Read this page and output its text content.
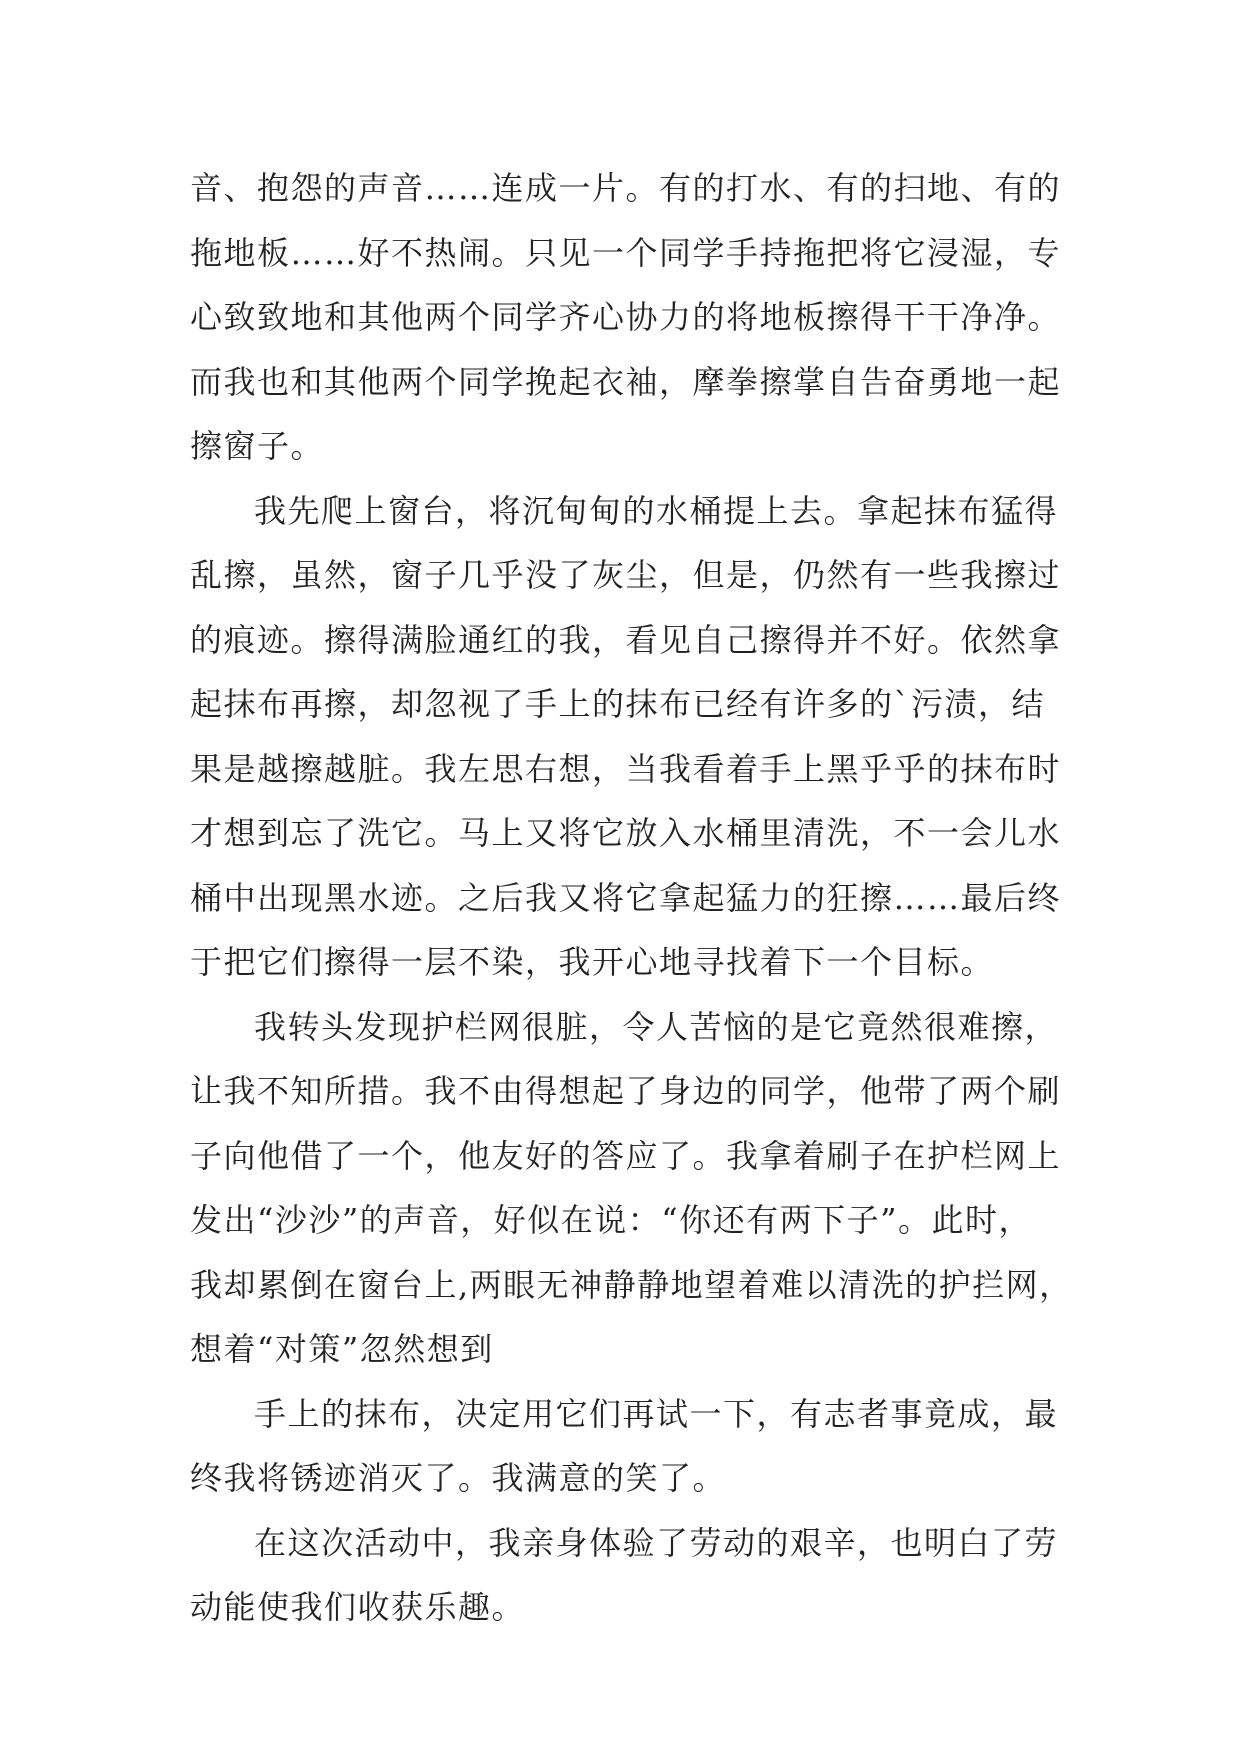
音、抱怨的声音……连成一片。有的打水、有的扫地、有的
拖地板……好不热闹。只见一个同学手持拖把将它浸湿，专
心致致地和其他两个同学齐心协力的将地板擦得干干净净。
而我也和其他两个同学挽起衣袖，摩拳擦掌自告奋勇地一起
擦窗子。
我先爬上窗台，将沉甸甸的水桶提上去。拿起抹布猛得
乱擦，虽然，窗子几乎没了灰尘，但是，仍然有一些我擦过
的痕迹。擦得满脸通红的我，看见自己擦得并不好。依然拿
起抹布再擦，却忽视了手上的抹布已经有许多的`污渍，结
果是越擦越脏。我左思右想，当我看着手上黑乎乎的抹布时
才想到忘了洗它。马上又将它放入水桶里清洗，不一会儿水
桶中出现黑水迹。之后我又将它拿起猛力的狂擦……最后终
于把它们擦得一层不染，我开心地寻找着下一个目标。
我转头发现护栏网很脏，令人苦恼的是它竟然很难擦，
让我不知所措。我不由得想起了身边的同学，他带了两个刷
子向他借了一个，他友好的答应了。我拿着刷子在护栏网上
发出“沙沙”的声音，好似在说：“你还有两下子”。此时，
我却累倒在窗台上,两眼无神静静地望着难以清洗的护拦网，
想着“对策”忽然想到
手上的抹布，决定用它们再试一下，有志者事竟成，最
终我将锈迹消灭了。我满意的笑了。
在这次活动中，我亲身体验了劳动的艰辛，也明白了劳
动能使我们收获乐趣。
